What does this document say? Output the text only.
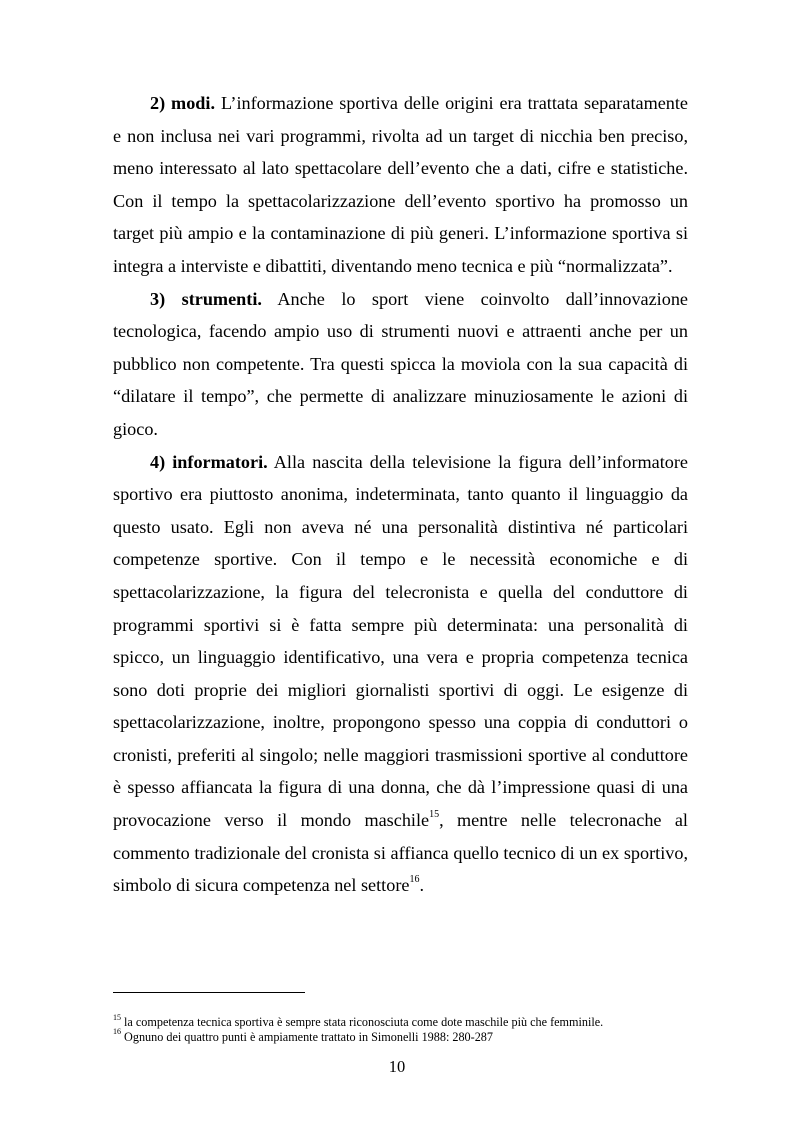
2) modi. L’informazione sportiva delle origini era trattata separatamente e non inclusa nei vari programmi, rivolta ad un target di nicchia ben preciso, meno interessato al lato spettacolare dell’evento che a dati, cifre e statistiche. Con il tempo la spettacolarizzazione dell’evento sportivo ha promosso un target più ampio e la contaminazione di più generi. L’informazione sportiva si integra a interviste e dibattiti, diventando meno tecnica e più “normalizzata”.

3) strumenti. Anche lo sport viene coinvolto dall’innovazione tecnologica, facendo ampio uso di strumenti nuovi e attraenti anche per un pubblico non competente. Tra questi spicca la moviola con la sua capacità di “dilatare il tempo”, che permette di analizzare minuziosamente le azioni di gioco.

4) informatori. Alla nascita della televisione la figura dell’informatore sportivo era piuttosto anonima, indeterminata, tanto quanto il linguaggio da questo usato. Egli non aveva né una personalità distintiva né particolari competenze sportive. Con il tempo e le necessità economiche e di spettacolarizzazione, la figura del telecronista e quella del conduttore di programmi sportivi si è fatta sempre più determinata: una personalità di spicco, un linguaggio identificativo, una vera e propria competenza tecnica sono doti proprie dei migliori giornalisti sportivi di oggi. Le esigenze di spettacolarizzazione, inoltre, propongono spesso una coppia di conduttori o cronisti, preferiti al singolo; nelle maggiori trasmissioni sportive al conduttore è spesso affiancata la figura di una donna, che dà l’impressione quasi di una provocazione verso il mondo maschile$^{15}$, mentre nelle telecronache al commento tradizionale del cronista si affianca quello tecnico di un ex sportivo, simbolo di sicura competenza nel settore$^{16}$.

$^{15}$ la competenza tecnica sportiva è sempre stata riconosciuta come dote maschile più che femminile.

$^{16}$ Ognuno dei quattro punti è ampiamente trattato in Simonelli 1988: 280-287

10
